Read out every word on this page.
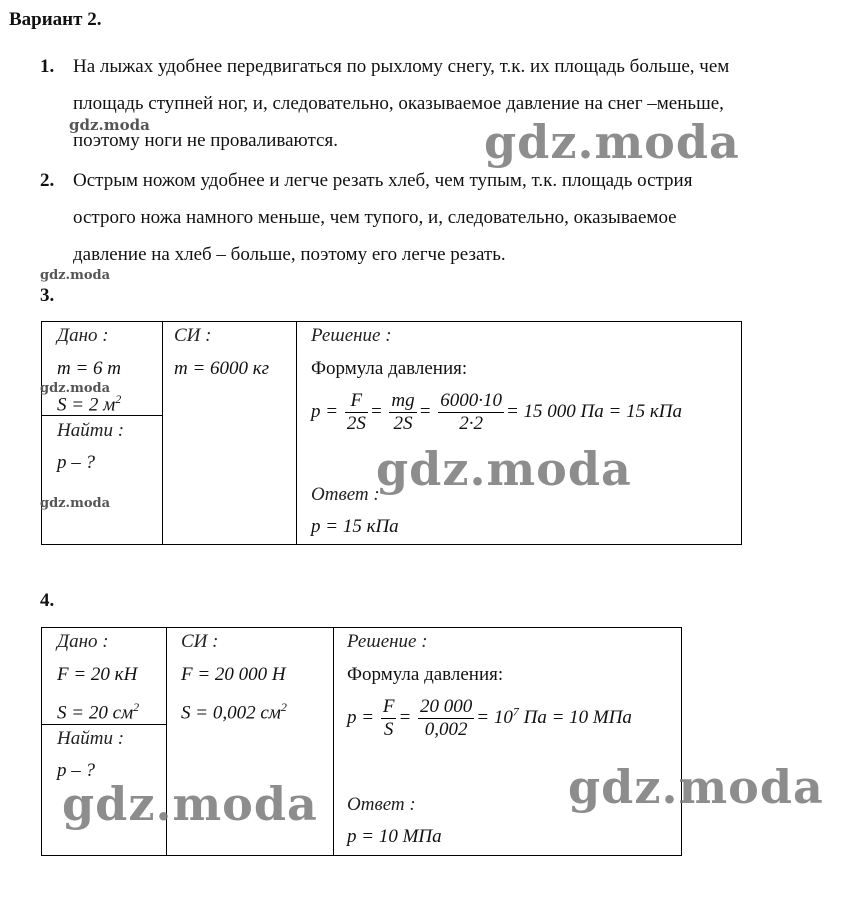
Вариант 2.
1. На лыжах удобнее передвигаться по рыхлому снегу, т.к. их площадь больше, чем
площадь ступней ног, и, следовательно, оказываемое давление на снег –меньше,
поэтому ноги не проваливаются.
2. Острым ножом удобнее и легче резать хлеб, чем тупым, т.к. площадь острия
острого ножа намного меньше, чем тупого, и, следовательно, оказываемое
давление на хлеб – больше, поэтому его легче резать.
3.
Дано :
m = 6 т
S = 2 $м^2$
Найти :
p – ?
СИ :
m = 6000 кг
Решение :
Формула давления:
$p = \frac{F}{2S} = \frac{mg}{2S} = \frac{6000\cdot 10}{2\cdot 2} = 15$ 000 Па = 15 кПа
Ответ :
p = 15 кПа
4.
Дано :
F = 20 кН
S = 20 $см^2$
Найти :
p – ?
СИ :
F = 20 000 Н
S = 0,002 $см^2$
Решение :
Формула давления:
$p = \frac{F}{S} = \frac{20 000}{0,002} = 10^7$ Па = 10 МПа
Ответ :
p = 10 МПа
gdz.moda	gdz.moda
gdz.moda
gdz.moda
gdz.moda
gdz.moda
gdz.moda
gdz.moda
